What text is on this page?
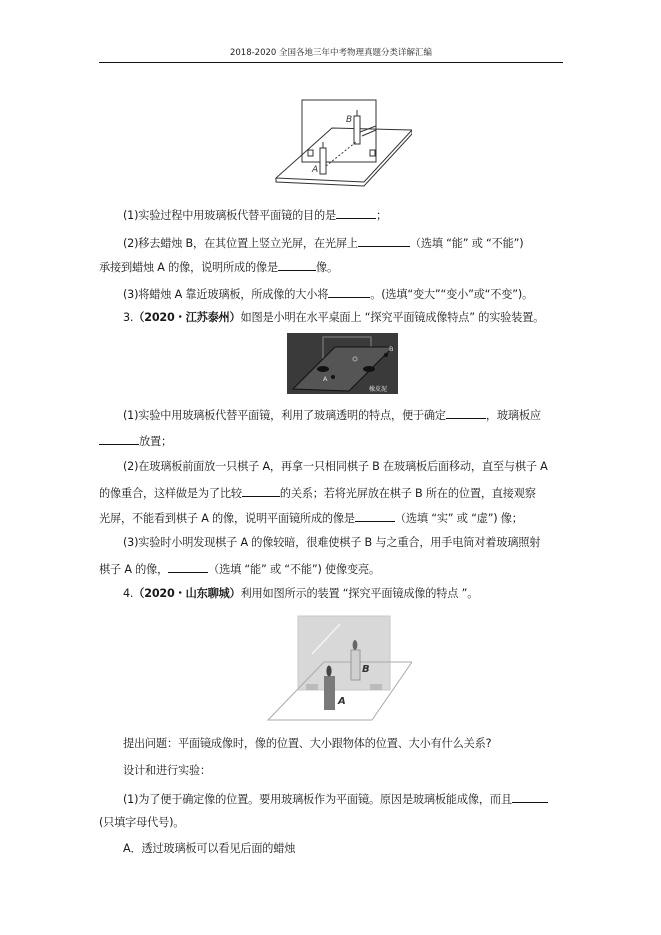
2018-2020 全国各地三年中考物理真题分类详解汇编
B
A
(1)实验过程中用玻璃板代替平面镜的目的是	；
(2)移去蜡烛 B，在其位置上竖立光屏，在光屏上	（选填 “能” 或 “不能”)
承接到蜡烛 A 的像，说明所成的像是	像。
(3)将蜡烛 A 靠近玻璃板，所成像的大小将	。(选填“变大”“变小”或“不变”)。
3.（2020・江苏泰州）如图是小明在水平桌面上 “探究平面镜成像特点” 的实验装置。
A
B
橡皮泥
(1)实验中用玻璃板代替平面镜，利用了玻璃透明的特点，便于确定	，玻璃板应
放置；
(2)在玻璃板前面放一只棋子 A，再拿一只相同棋子 B 在玻璃板后面移动，直至与棋子 A
的像重合，这样做是为了比较	的关系；若将光屏放在棋子 B 所在的位置，直接观察
光屏，不能看到棋子 A 的像，说明平面镜所成的像是	（选填 “实” 或 “虚”) 像；
(3)实验时小明发现棋子 A 的像较暗，很难使棋子 B 与之重合，用手电筒对着玻璃照射
棋子 A 的像，	（选填 “能” 或 “不能”) 使像变亮。
4.（2020・山东聊城）利用如图所示的装置 “探究平面镜成像的特点 ”。
B
A
提出问题：平面镜成像时，像的位置、大小跟物体的位置、大小有什么关系?
设计和进行实验：
(1)为了便于确定像的位置。要用玻璃板作为平面镜。原因是玻璃板能成像，而且
(只填字母代号)。
A．透过玻璃板可以看见后面的蜡烛
